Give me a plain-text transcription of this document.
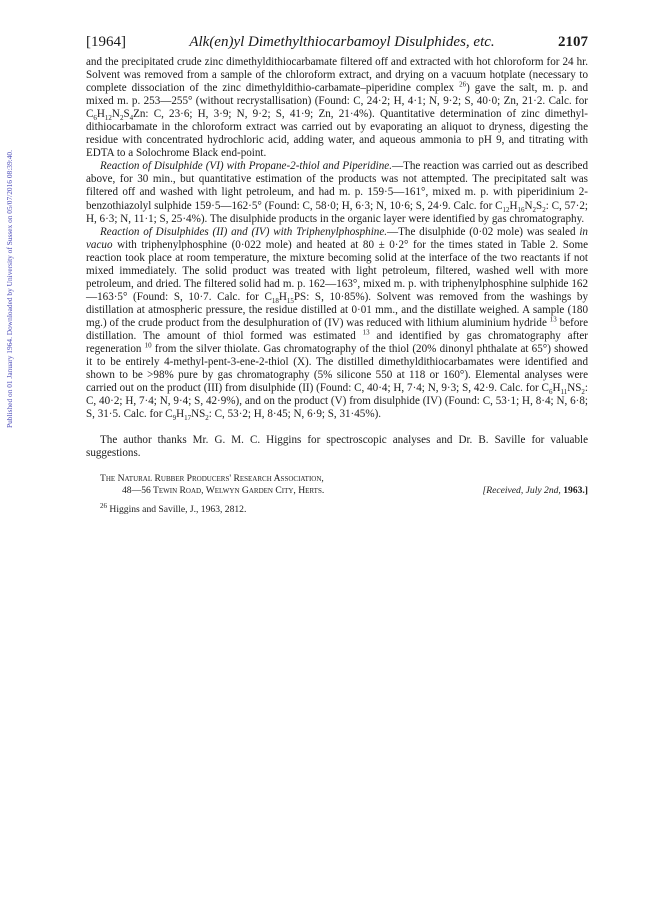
Published on 01 January 1964. Downloaded by University of Sussex on 05/07/2016 08:39:40.
[1964]	Alk(en)yl Dimethylthiocarbamoyl Disulphides, etc.	2107

and the precipitated crude zinc dimethyldithiocarbamate filtered off and extracted with hot chloroform for 24 hr. Solvent was removed from a sample of the chloroform extract, and drying on a vacuum hotplate (necessary to complete dissociation of the zinc dimethyldithio-carbamate–piperidine complex $^{26}$) gave the salt, m. p. and mixed m. p. 253—255° (without recrystallisation) (Found: C, 24·2; H, 4·1; N, 9·2; S, 40·0; Zn, 21·2. Calc. for $C_6H_{12}N_2S_4Zn$: C, 23·6; H, 3·9; N, 9·2; S, 41·9; Zn, 21·4%). Quantitative determination of zinc dimethyl-dithiocarbamate in the chloroform extract was carried out by evaporating an aliquot to dryness, digesting the residue with concentrated hydrochloric acid, adding water, and aqueous ammonia to pH 9, and titrating with EDTA to a Solochrome Black end-point.

Reaction of Disulphide (VI) with Propane-2-thiol and Piperidine.—The reaction was carried out as described above, for 30 min., but quantitative estimation of the products was not attempted. The precipitated salt was filtered off and washed with light petroleum, and had m. p. 159·5—161°, mixed m. p. with piperidinium 2-benzothiazolyl sulphide 159·5—162·5° (Found: C, 58·0; H, 6·3; N, 10·6; S, 24·9. Calc. for $C_{12}H_{16}N_2S_2$: C, 57·2; H, 6·3; N, 11·1; S, 25·4%). The disulphide products in the organic layer were identified by gas chromatography.

Reaction of Disulphides (II) and (IV) with Triphenylphosphine.—The disulphide (0·02 mole) was sealed in vacuo with triphenylphosphine (0·022 mole) and heated at 80 ± 0·2° for the times stated in Table 2. Some reaction took place at room temperature, the mixture becoming solid at the interface of the two reactants if not mixed immediately. The solid product was treated with light petroleum, filtered, washed well with more petroleum, and dried. The filtered solid had m. p. 162—163°, mixed m. p. with triphenylphosphine sulphide 162—163·5° (Found: S, 10·7. Calc. for $C_{18}H_{15}PS$: S, 10·85%). Solvent was removed from the washings by distillation at atmospheric pressure, the residue distilled at 0·01 mm., and the distillate weighed. A sample (180 mg.) of the crude product from the desulphuration of (IV) was reduced with lithium aluminium hydride $^{13}$ before distillation. The amount of thiol formed was estimated $^{13}$ and identified by gas chromatography after regeneration $^{10}$ from the silver thiolate. Gas chromatography of the thiol (20% dinonyl phthalate at 65°) showed it to be entirely 4-methyl-pent-3-ene-2-thiol (X). The distilled dimethyldithiocarbamates were identified and shown to be >98% pure by gas chromatography (5% silicone 550 at 118 or 160°). Elemental analyses were carried out on the product (III) from disulphide (II) (Found: C, 40·4; H, 7·4; N, 9·3; S, 42·9. Calc. for $C_6H_{11}NS_2$: C, 40·2; H, 7·4; N, 9·4; S, 42·9%), and on the product (V) from disulphide (IV) (Found: C, 53·1; H, 8·4; N, 6·8; S, 31·5. Calc. for $C_9H_{17}NS_2$: C, 53·2; H, 8·45; N, 6·9; S, 31·45%).

The author thanks Mr. G. M. C. Higgins for spectroscopic analyses and Dr. B. Saville for valuable suggestions.

The Natural Rubber Producers' Research Association,
48—56 Tewin Road, Welwyn Garden City, Herts.	[Received, July 2nd, 1963.]
$^{26}$ Higgins and Saville, J., 1963, 2812.
